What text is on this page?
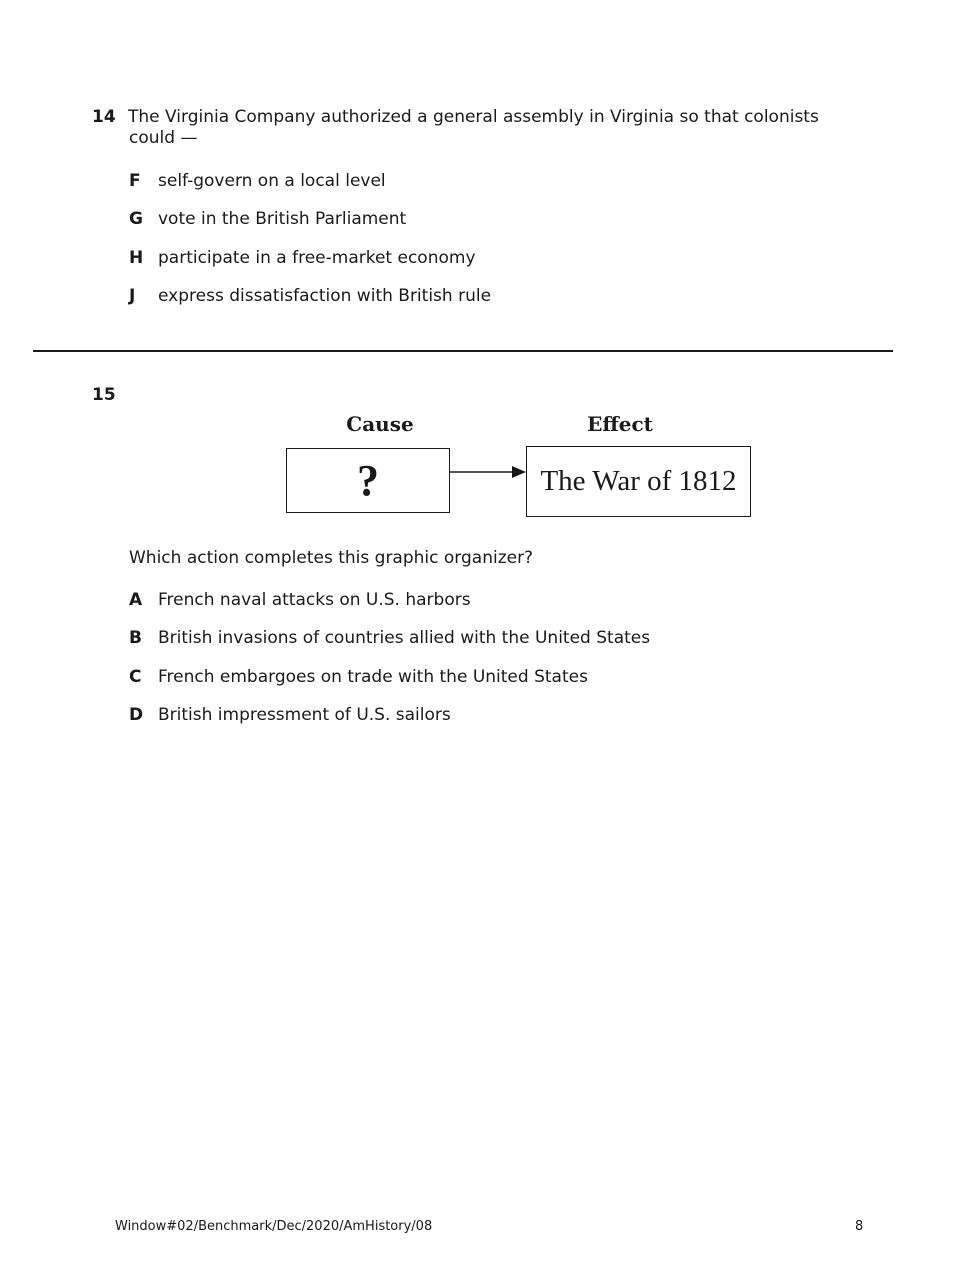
14 The Virginia Company authorized a general assembly in Virginia so that colonists could —
F	self-govern on a local level
G vote in the British Parliament
H participate in a free-market economy
J	express dissatisfaction with British rule
15
Cause	Effect
?	The War of 1812
Which action completes this graphic organizer?
A French naval attacks on U.S. harbors
B British invasions of countries allied with the United States
C French embargoes on trade with the United States
D British impressment of U.S. sailors
Window#02/Benchmark/Dec/2020/AmHistory/08	8
